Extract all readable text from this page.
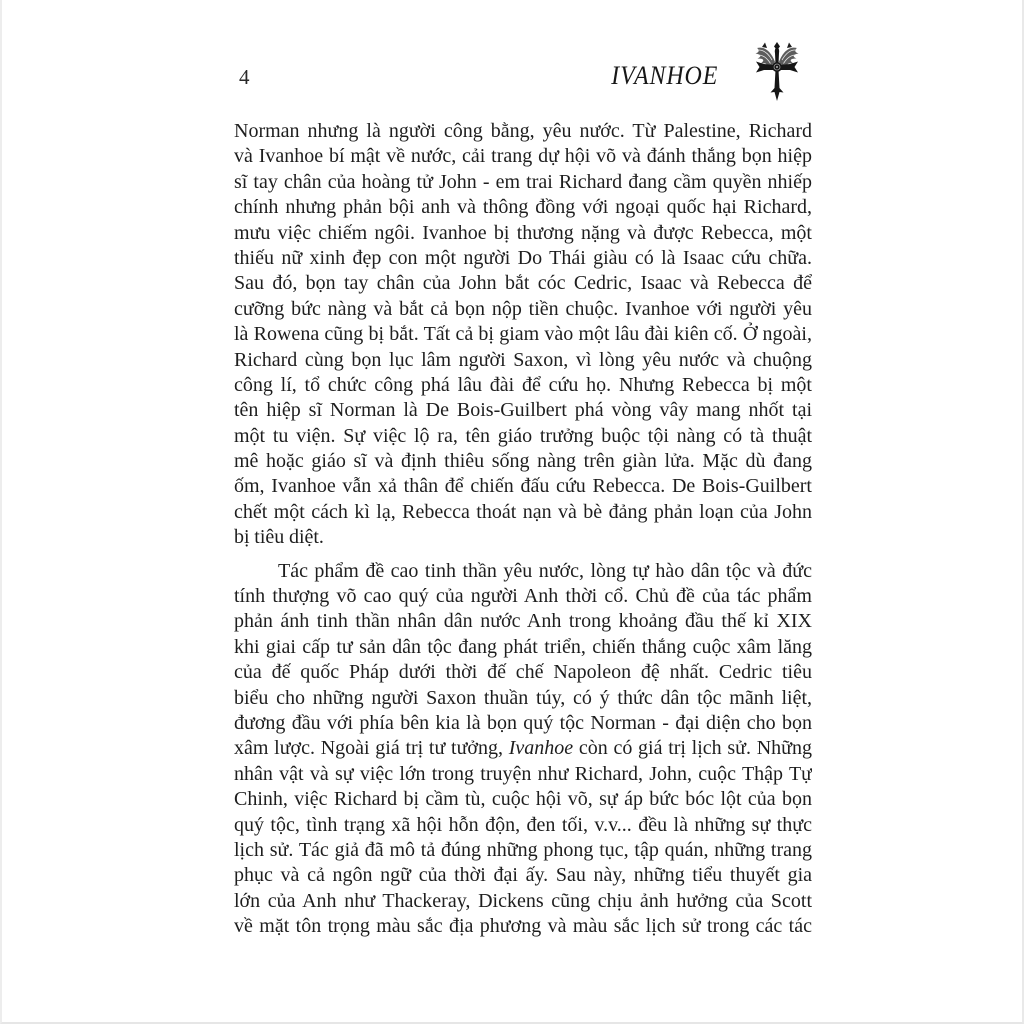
4	IVANHOE
Norman nhưng là người công bằng, yêu nước. Từ Palestine, Richard
và Ivanhoe bí mật về nước, cải trang dự hội võ và đánh thắng bọn hiệp
sĩ tay chân của hoàng tử John - em trai Richard đang cầm quyền nhiếp
chính nhưng phản bội anh và thông đồng với ngoại quốc hại Richard,
mưu việc chiếm ngôi. Ivanhoe bị thương nặng và được Rebecca, một
thiếu nữ xinh đẹp con một người Do Thái giàu có là Isaac cứu chữa.
Sau đó, bọn tay chân của John bắt cóc Cedric, Isaac và Rebecca để
cưỡng bức nàng và bắt cả bọn nộp tiền chuộc. Ivanhoe với người yêu
là Rowena cũng bị bắt. Tất cả bị giam vào một lâu đài kiên cố. Ở ngoài,
Richard cùng bọn lục lâm người Saxon, vì lòng yêu nước và chuộng
công lí, tổ chức công phá lâu đài để cứu họ. Nhưng Rebecca bị một
tên hiệp sĩ Norman là De Bois-Guilbert phá vòng vây mang nhốt tại
một tu viện. Sự việc lộ ra, tên giáo trưởng buộc tội nàng có tà thuật
mê hoặc giáo sĩ và định thiêu sống nàng trên giàn lửa. Mặc dù đang
ốm, Ivanhoe vẫn xả thân để chiến đấu cứu Rebecca. De Bois-Guilbert
chết một cách kì lạ, Rebecca thoát nạn và bè đảng phản loạn của John
bị tiêu diệt.
Tác phẩm đề cao tinh thần yêu nước, lòng tự hào dân tộc và đức
tính thượng võ cao quý của người Anh thời cổ. Chủ đề của tác phẩm
phản ánh tinh thần nhân dân nước Anh trong khoảng đầu thế kỉ XIX
khi giai cấp tư sản dân tộc đang phát triển, chiến thắng cuộc xâm lăng
của đế quốc Pháp dưới thời đế chế Napoleon đệ nhất. Cedric tiêu
biểu cho những người Saxon thuần túy, có ý thức dân tộc mãnh liệt,
đương đầu với phía bên kia là bọn quý tộc Norman - đại diện cho bọn
xâm lược. Ngoài giá trị tư tưởng, Ivanhoe còn có giá trị lịch sử. Những
nhân vật và sự việc lớn trong truyện như Richard, John, cuộc Thập Tự
Chinh, việc Richard bị cầm tù, cuộc hội võ, sự áp bức bóc lột của bọn
quý tộc, tình trạng xã hội hỗn độn, đen tối, v.v... đều là những sự thực
lịch sử. Tác giả đã mô tả đúng những phong tục, tập quán, những trang
phục và cả ngôn ngữ của thời đại ấy. Sau này, những tiểu thuyết gia
lớn của Anh như Thackeray, Dickens cũng chịu ảnh hưởng của Scott
về mặt tôn trọng màu sắc địa phương và màu sắc lịch sử trong các tác
